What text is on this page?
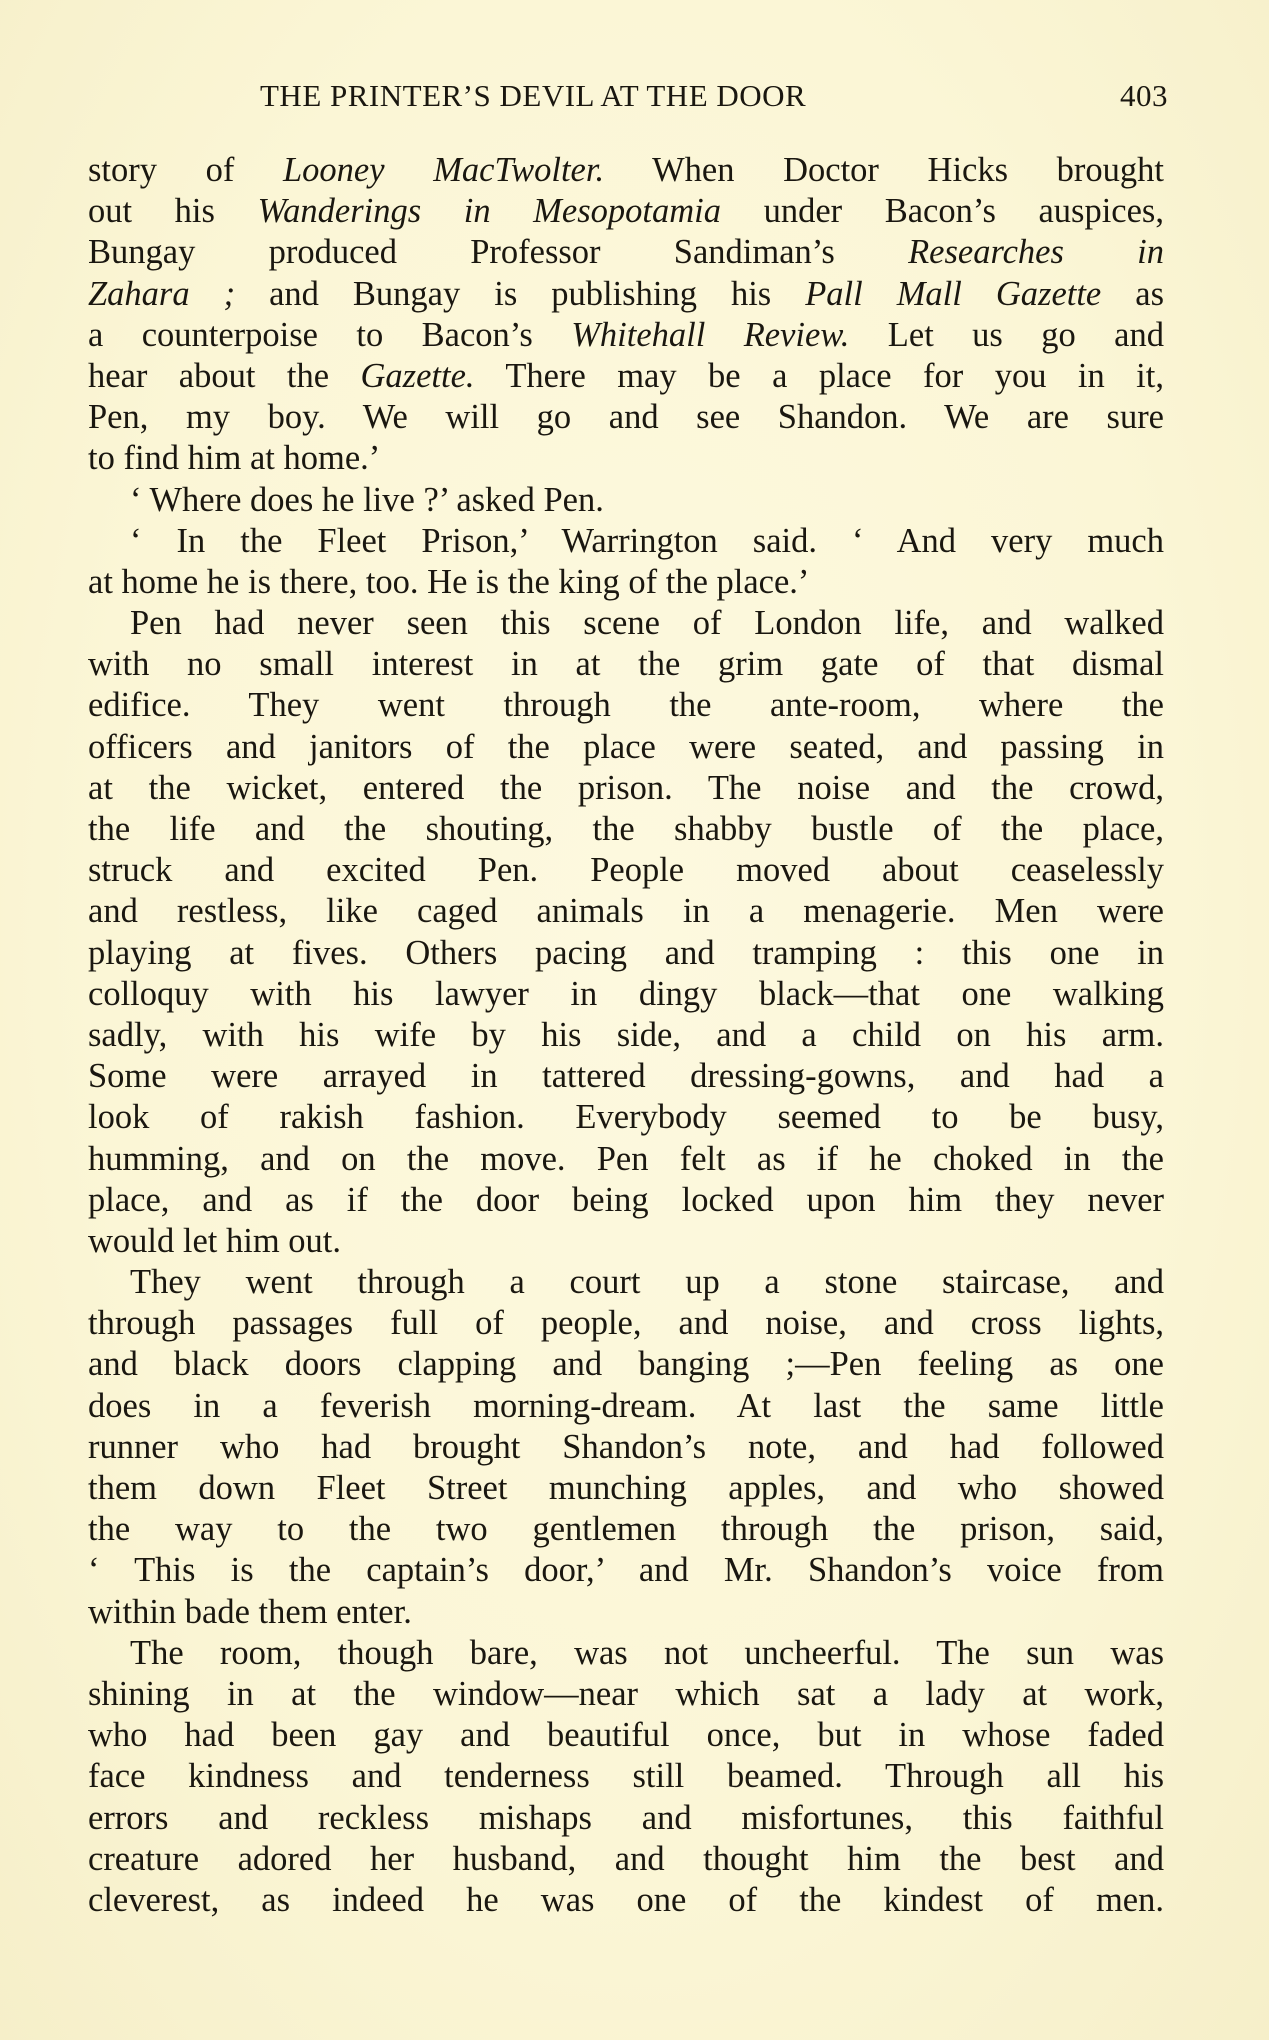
THE PRINTER’S DEVIL AT THE DOOR	403
story of Looney MacTwolter. When Doctor Hicks brought
out his Wanderings in Mesopotamia under Bacon’s auspices,
Bungay produced Professor Sandiman’s Researches in
Zahara ; and Bungay is publishing his Pall Mall Gazette as
a counterpoise to Bacon’s Whitehall Review. Let us go and
hear about the Gazette. There may be a place for you in it,
Pen, my boy. We will go and see Shandon. We are sure
to find him at home.’
‘ Where does he live ?’ asked Pen.
‘ In the Fleet Prison,’ Warrington said. ‘ And very much
at home he is there, too. He is the king of the place.’
Pen had never seen this scene of London life, and walked
with no small interest in at the grim gate of that dismal
edifice. They went through the ante-room, where the
officers and janitors of the place were seated, and passing in
at the wicket, entered the prison. The noise and the crowd,
the life and the shouting, the shabby bustle of the place,
struck and excited Pen. People moved about ceaselessly
and restless, like caged animals in a menagerie. Men were
playing at fives. Others pacing and tramping : this one in
colloquy with his lawyer in dingy black—that one walking
sadly, with his wife by his side, and a child on his arm.
Some were arrayed in tattered dressing-gowns, and had a
look of rakish fashion. Everybody seemed to be busy,
humming, and on the move. Pen felt as if he choked in the
place, and as if the door being locked upon him they never
would let him out.
They went through a court up a stone staircase, and
through passages full of people, and noise, and cross lights,
and black doors clapping and banging ;—Pen feeling as one
does in a feverish morning-dream. At last the same little
runner who had brought Shandon’s note, and had followed
them down Fleet Street munching apples, and who showed
the way to the two gentlemen through the prison, said,
‘ This is the captain’s door,’ and Mr. Shandon’s voice from
within bade them enter.
The room, though bare, was not uncheerful. The sun was
shining in at the window—near which sat a lady at work,
who had been gay and beautiful once, but in whose faded
face kindness and tenderness still beamed. Through all his
errors and reckless mishaps and misfortunes, this faithful
creature adored her husband, and thought him the best and
cleverest, as indeed he was one of the kindest of men.
